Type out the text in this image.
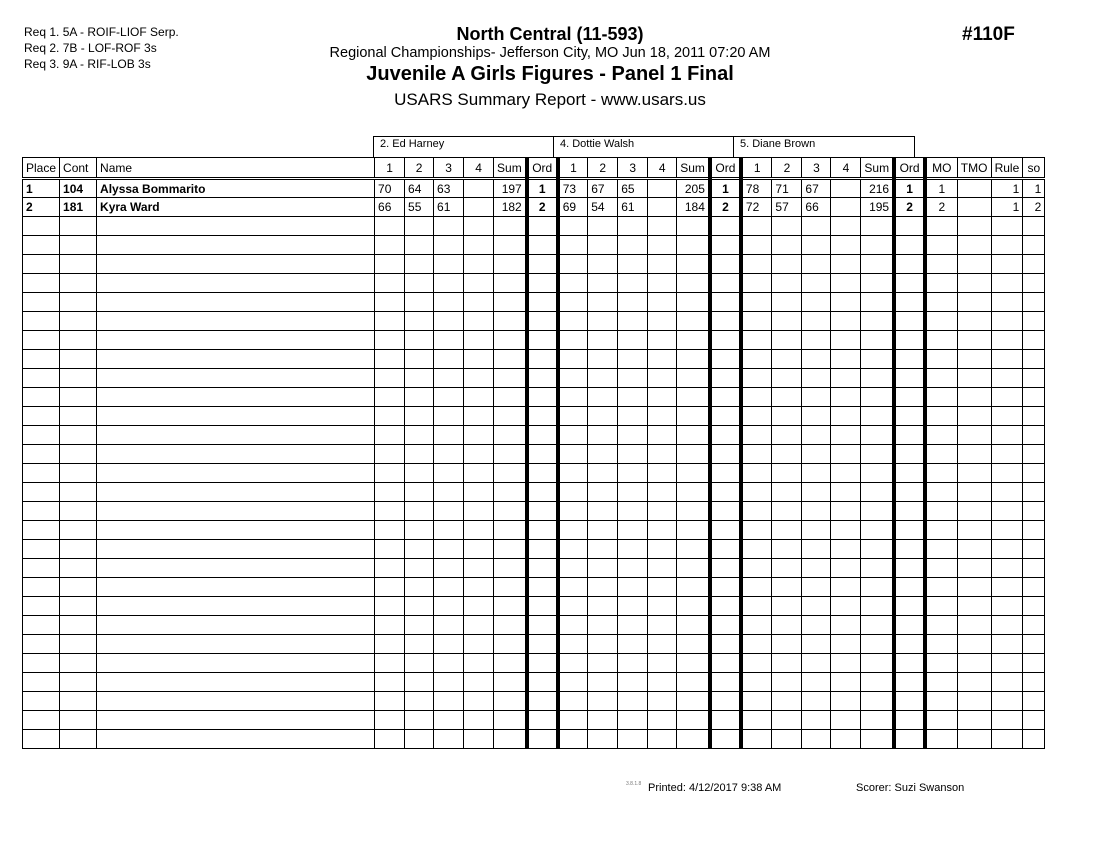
Req 1. 5A - ROIF-LIOF Serp.
Req 2. 7B - LOF-ROF 3s
Req 3. 9A - RIF-LOB 3s
North Central (11-593)
Regional Championships- Jefferson City, MO Jun 18, 2011 07:20 AM
Juvenile A Girls Figures - Panel 1 Final
USARS Summary Report - www.usars.us
#110F
2. Ed Harney	4. Dottie Walsh	5. Diane Brown
Place	Cont	Name	1	2	3	4	Sum	Ord	1	2	3	4	Sum	Ord	1	2	3	4	Sum	Ord	MO	TMO	Rule	so
1	104	Alyssa Bommarito	70	64	63		197	1	73	67	65		205	1	78	71	67		216	1	1		1	1
2	181	Kyra Ward	66	55	61		182	2	69	54	61		184	2	72	57	66		195	2	2		1	2

3.8.1.8 Printed: 4/12/2017 9:38 AM	Scorer: Suzi Swanson
